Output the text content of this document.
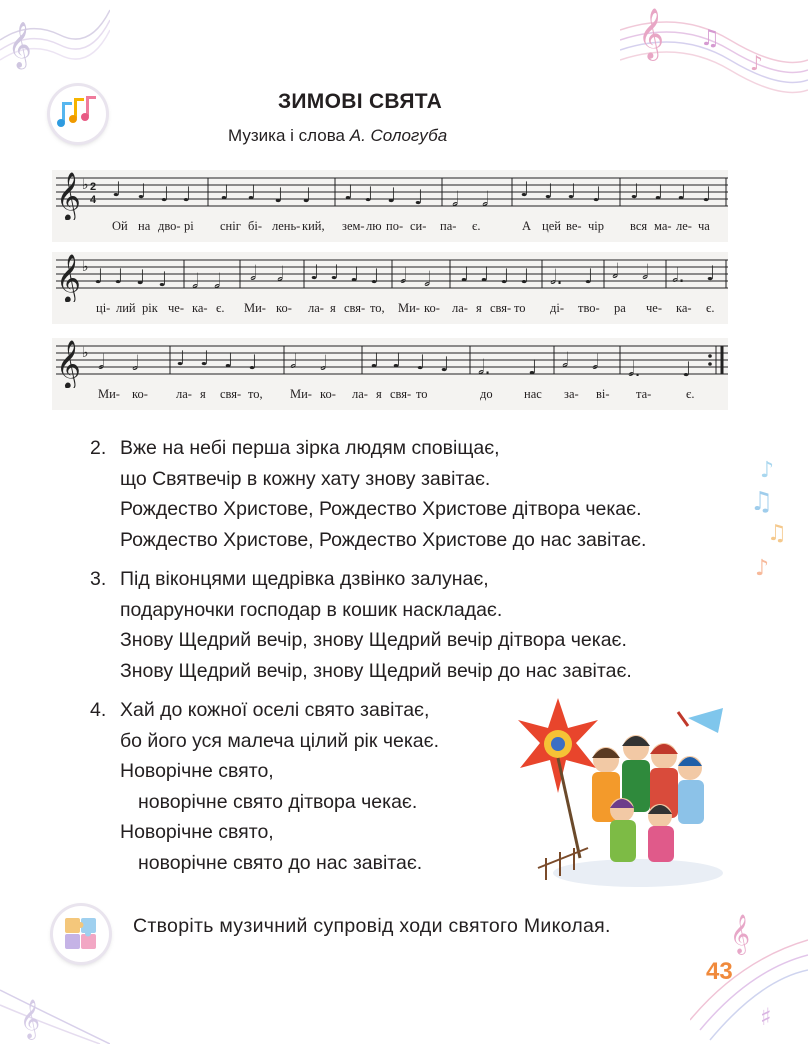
𝄞	𝄞 ♫
♪
♪
♫
♫
♪
𝄞
♯
𝄞
ЗИМОВІ СВЯТА
Музика і слова А. Сологуба
𝄞 ♭ 2
4 ♩ ♩ ♩ ♩ ♩ ♩ ♩ ♩ ♩ ♩ ♩ ♩ 𝅗𝅥 𝅗𝅥 ♩ ♩ ♩ ♩ ♩ ♩ ♩ ♩
Ой на дво- рі сніг бі- лень- кий, зем- лю по- си- па- є.	А цей ве- чір вся ма- ле- ча
𝄞 ♭ ♩ ♩ ♩ ♩ 𝅗𝅥 𝅗𝅥 𝅗𝅥 𝅗𝅥 ♩ ♩ ♩ ♩ 𝅗𝅥 𝅗𝅥 ♩ ♩ ♩ ♩ 𝅗𝅥. ♩ 𝅗𝅥 𝅗𝅥 𝅗𝅥. ♩
ці- лий рік че- ка- є. Ми- ко- ла- я свя- то, Ми- ко- ла- я свя- то ді- тво- ра че- ка- є.
𝄞 ♭ 𝅗𝅥 𝅗𝅥 ♩ ♩ ♩ ♩ 𝅗𝅥 𝅗𝅥 ♩ ♩ ♩ ♩ 𝅗𝅥. ♩ 𝅗𝅥 𝅗𝅥 𝅗𝅥. ♩
Ми- ко- ла- я свя- то, Ми- ко- ла- я свя- то	до	нас за- ві- та-	є.
2. Вже на небі перша зірка людям сповіщає,
що Святвечір в кожну хату знову завітає.
Рождество Христове, Рождество Христове дітвора чекає.
Рождество Христове, Рождество Христове до нас завітає.
3. Під віконцями щедрівка дзвінко залунає,
подаруночки господар в кошик наскладає.
Знову Щедрий вечір, знову Щедрий вечір дітвора чекає.
Знову Щедрий вечір, знову Щедрий вечір до нас завітає.
4. Хай до кожної оселі свято завітає,
бо його уся малеча цілий рік чекає.
Новорічне свято,
новорічне свято дітвора чекає.
Новорічне свято,
новорічне свято до нас завітає.
Створіть музичний супровід ходи святого Миколая.
43
